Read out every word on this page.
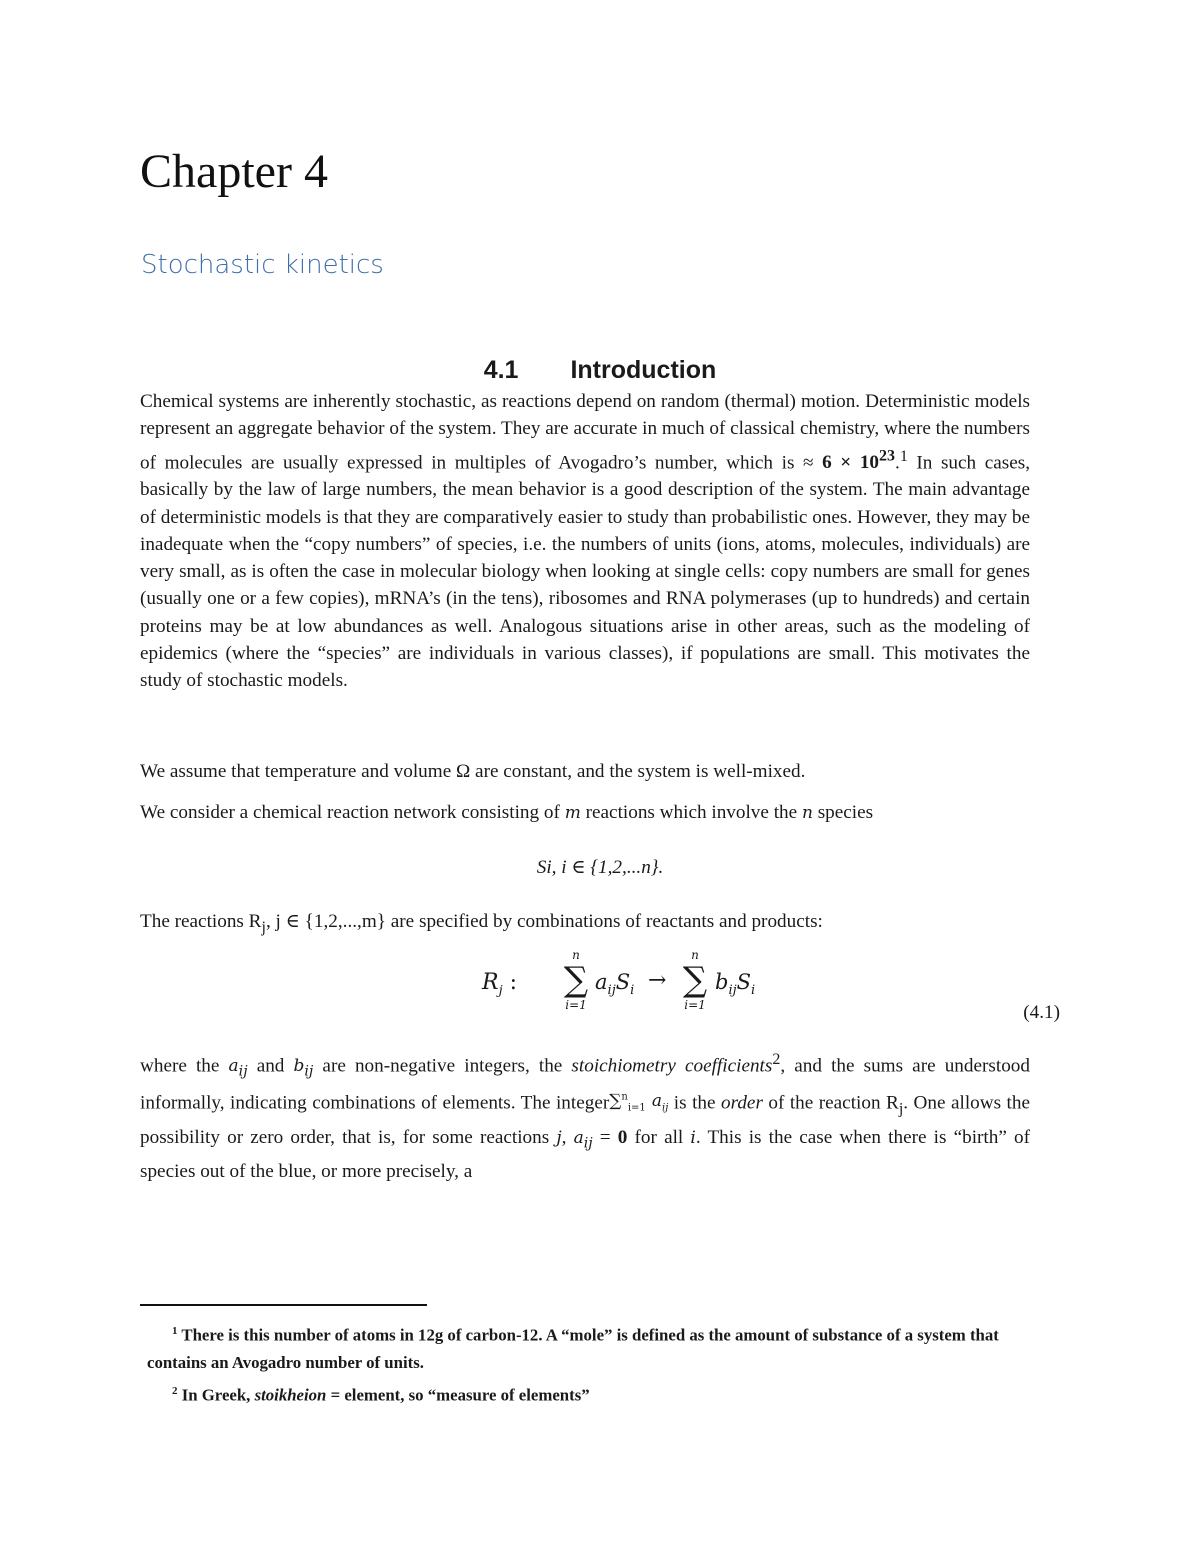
Chapter 4
Stochastic kinetics
4.1 Introduction

Chemical systems are inherently stochastic, as reactions depend on random (thermal) motion. Deterministic models represent an aggregate behavior of the system. They are accurate in much of classical chemistry, where the numbers of molecules are usually expressed in multiples of Avogadro’s number, which is ≈ $6 \times 10^{23}.^1$ In such cases, basically by the law of large numbers, the mean behavior is a good description of the system. The main advantage of deterministic models is that they are comparatively easier to study than probabilistic ones. However, they may be inadequate when the “copy numbers” of species, i.e. the numbers of units (ions, atoms, molecules, individuals) are very small, as is often the case in molecular biology when looking at single cells: copy numbers are small for genes (usually one or a few copies), mRNA’s (in the tens), ribosomes and RNA polymerases (up to hundreds) and certain proteins may be at low abundances as well. Analogous situations arise in other areas, such as the modeling of epidemics (where the “species” are individuals in various classes), if populations are small. This motivates the study of stochastic models.

We assume that temperature and volume Ω are constant, and the system is well-mixed.

We consider a chemical reaction network consisting of m reactions which involve the n species

Si, i ∈ {1,2,...n}.

The reactions $R_j$, j ∈ {1,2,...,m} are specified by combinations of reactants and products:

$R_j$ :
n
∑
i=1
$a_{ij}S_i$ →
n
∑
i=1
$b_{ij}S_i$
(4.1)

where the $a_{ij}$ and $b_{ij}$ are non-negative integers, the stoichiometry coefficients$^2$, and the sums are understood informally, indicating combinations of elements. The integer∑$^n_{i=1}$ $a_{ij}$ is the order of the reaction $R_j$. One allows the possibility or zero order, that is, for some reactions j, $a_{ij} = 0$ for all i. This is the case when there is “birth” of species out of the blue, or more precisely, a

$^1$ There is this number of atoms in 12g of carbon-12. A “mole” is defined as the amount of substance of a system that contains an Avogadro number of units.

$^2$ In Greek, stoikheion = element, so “measure of elements”
